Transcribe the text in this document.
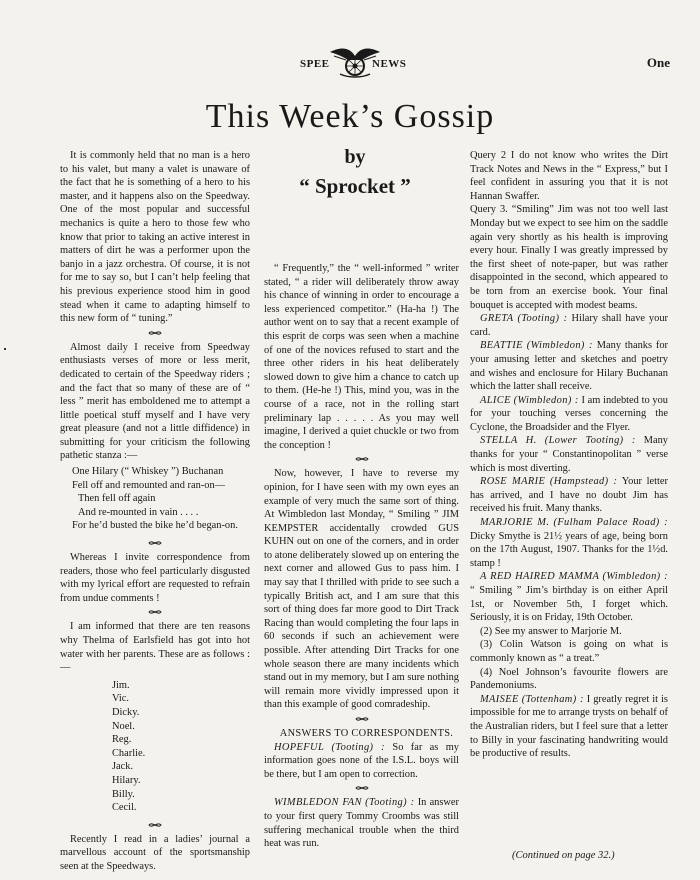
SPEE	NEWS	One
This Week’s Gossip
by
“ Sprocket ”

It is commonly held that no man is a hero to his valet, but many a valet is unaware of the fact that he is something of a hero to his master, and it happens also on the Speedway. One of the most popular and successful mechanics is quite a hero to those few who know that prior to taking an active interest in matters of dirt he was a performer upon the banjo in a jazz orchestra. Of course, it is not for me to say so, but I can’t help feeling that his previous experience stood him in good stead when it came to adapting himself to this new form of “ tuning.”

Almost daily I receive from Speedway enthusiasts verses of more or less merit, dedicated to certain of the Speedway riders ; and the fact that so many of these are of “ less ” merit has emboldened me to attempt a little poetical stuff myself and I have very great pleasure (and not a little diffidence) in submitting for your criticism the following pathetic stanza :—

One Hilary (“ Whiskey ”) Buchanan
Fell off and remounted and ran-on—
Then fell off again
And re-mounted in vain . . . .
For he’d busted the bike he’d began-on.

Whereas I invite correspondence from readers, those who feel particularly disgusted with my lyrical effort are requested to refrain from undue comments !

I am informed that there are ten reasons why Thelma of Earlsfield has got into hot water with her parents. These are as follows :—

Jim.
Vic.
Dicky.
Noel.
Reg.
Charlie.
Jack.
Hilary.
Billy.
Cecil.

Recently I read in a ladies’ journal a marvellous account of the sportsmanship seen at the Speedways.

“ Frequently,” the “ well-informed ” writer stated, “ a rider will deliberately throw away his chance of winning in order to encourage a less experienced competitor.” (Ha-ha !) The author went on to say that a recent example of this esprit de corps was seen when a machine of one of the novices refused to start and the three other riders in his heat deliberately slowed down to give him a chance to catch up to them. (He-he !) This, mind you, was in the course of a race, not in the rolling start preliminary lap . . . . . As you may well imagine, I derived a quiet chuckle or two from the conception !

Now, however, I have to reverse my opinion, for I have seen with my own eyes an example of very much the same sort of thing. At Wimbledon last Monday, “ Smiling ” JIM KEMPSTER accidentally crowded GUS KUHN out on one of the corners, and in order to atone deliberately slowed up on entering the next corner and allowed Gus to pass him. I may say that I thrilled with pride to see such a typically British act, and I am sure that this sort of thing does far more good to Dirt Track Racing than would completing the four laps in 60 seconds if such an achievement were possible. After attending Dirt Tracks for one whole season there are many incidents which stand out in my memory, but I am sure nothing will remain more vividly impressed upon it than this example of good comradeship.

ANSWERS TO CORRESPONDENTS.

HOPEFUL (Tooting) : So far as my information goes none of the I.S.L. boys will be there, but I am open to correction.

WIMBLEDON FAN (Tooting) : In answer to your first query Tommy Croombs was still suffering mechanical trouble when the third heat was run.

Query 2 I do not know who writes the Dirt Track Notes and News in the “ Express,” but I feel confident in assuring you that it is not Hannan Swaffer.

Query 3. “Smiling” Jim was not too well last Monday but we expect to see him on the saddle again very shortly as his health is improving every hour. Finally I was greatly impressed by the first sheet of note-paper, but was rather disappointed in the second, which appeared to be torn from an exercise book. Your final bouquet is accepted with modest beams.

GRETA (Tooting) : Hilary shall have your card.

BEATTIE (Wimbledon) : Many thanks for your amusing letter and sketches and poetry and wishes and enclosure for Hilary Buchanan which the latter shall receive.

ALICE (Wimbledon) : I am indebted to you for your touching verses concerning the Cyclone, the Broadsider and the Flyer.

STELLA H. (Lower Tooting) : Many thanks for your “ Constantinopolitan ” verse which is most diverting.

ROSE MARIE (Hampstead) : Your letter has arrived, and I have no doubt Jim has received his fruit. Many thanks.

MARJORIE M. (Fulham Palace Road) : Dicky Smythe is 21½ years of age, being born on the 17th August, 1907. Thanks for the 1½d. stamp !

A RED HAIRED MAMMA (Wimbledon) : “ Smiling ” Jim’s birthday is on either April 1st, or November 5th, I forget which. Seriously, it is on Friday, 19th October.

(2) See my answer to Marjorie M.

(3) Colin Watson is going on what is commonly known as “ a treat.”

(4) Noel Johnson’s favourite flowers are Pandemoniums.

MAISEE (Tottenham) : I greatly regret it is impossible for me to arrange trysts on behalf of the Australian riders, but I feel sure that a letter to Billy in your fascinating handwriting would be productive of results.

(Continued on page 32.)
